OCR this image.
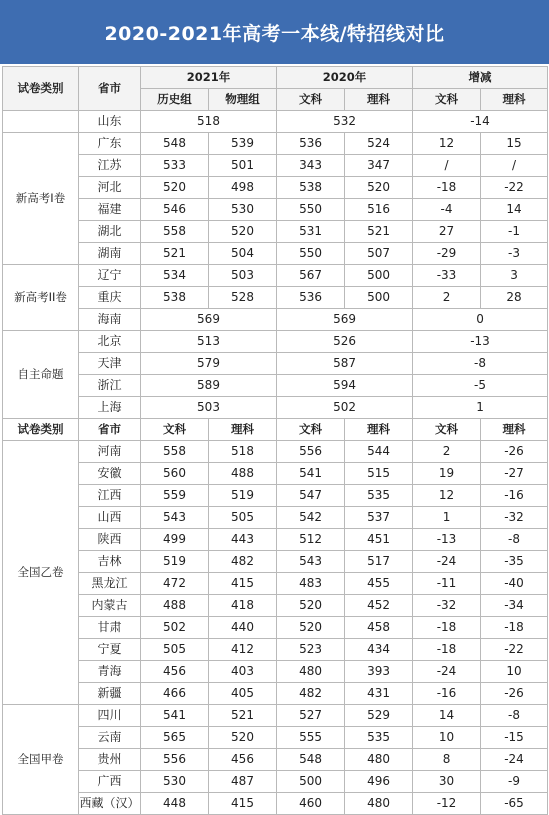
2020-2021年高考一本线/特招线对比
试卷类别	省市	2021年		2020年		增减	
		历史组	物理组	文科	理科	文科	理科
	山东	518		532		-14	
新高考I卷	广东	548	539	536	524	12	15
	江苏	533	501	343	347	/	/
	河北	520	498	538	520	-18	-22
	福建	546	530	550	516	-4	14
	湖北	558	520	531	521	27	-1
	湖南	521	504	550	507	-29	-3
新高考II卷	辽宁	534	503	567	500	-33	3
	重庆	538	528	536	500	2	28
	海南	569		569		0	
自主命题	北京	513		526		-13	
	天津	579		587		-8	
	浙江	589		594		-5	
	上海	503		502		1	
试卷类别	省市	文科	理科	文科	理科	文科	理科
全国乙卷	河南	558	518	556	544	2	-26
	安徽	560	488	541	515	19	-27
	江西	559	519	547	535	12	-16
	山西	543	505	542	537	1	-32
	陕西	499	443	512	451	-13	-8
	吉林	519	482	543	517	-24	-35
	黑龙江	472	415	483	455	-11	-40
	内蒙古	488	418	520	452	-32	-34
	甘肃	502	440	520	458	-18	-18
	宁夏	505	412	523	434	-18	-22
	青海	456	403	480	393	-24	10
	新疆	466	405	482	431	-16	-26
全国甲卷	四川	541	521	527	529	14	-8
	云南	565	520	555	535	10	-15
	贵州	556	456	548	480	8	-24
	广西	530	487	500	496	30	-9
	西藏（汉）	448	415	460	480	-12	-65
